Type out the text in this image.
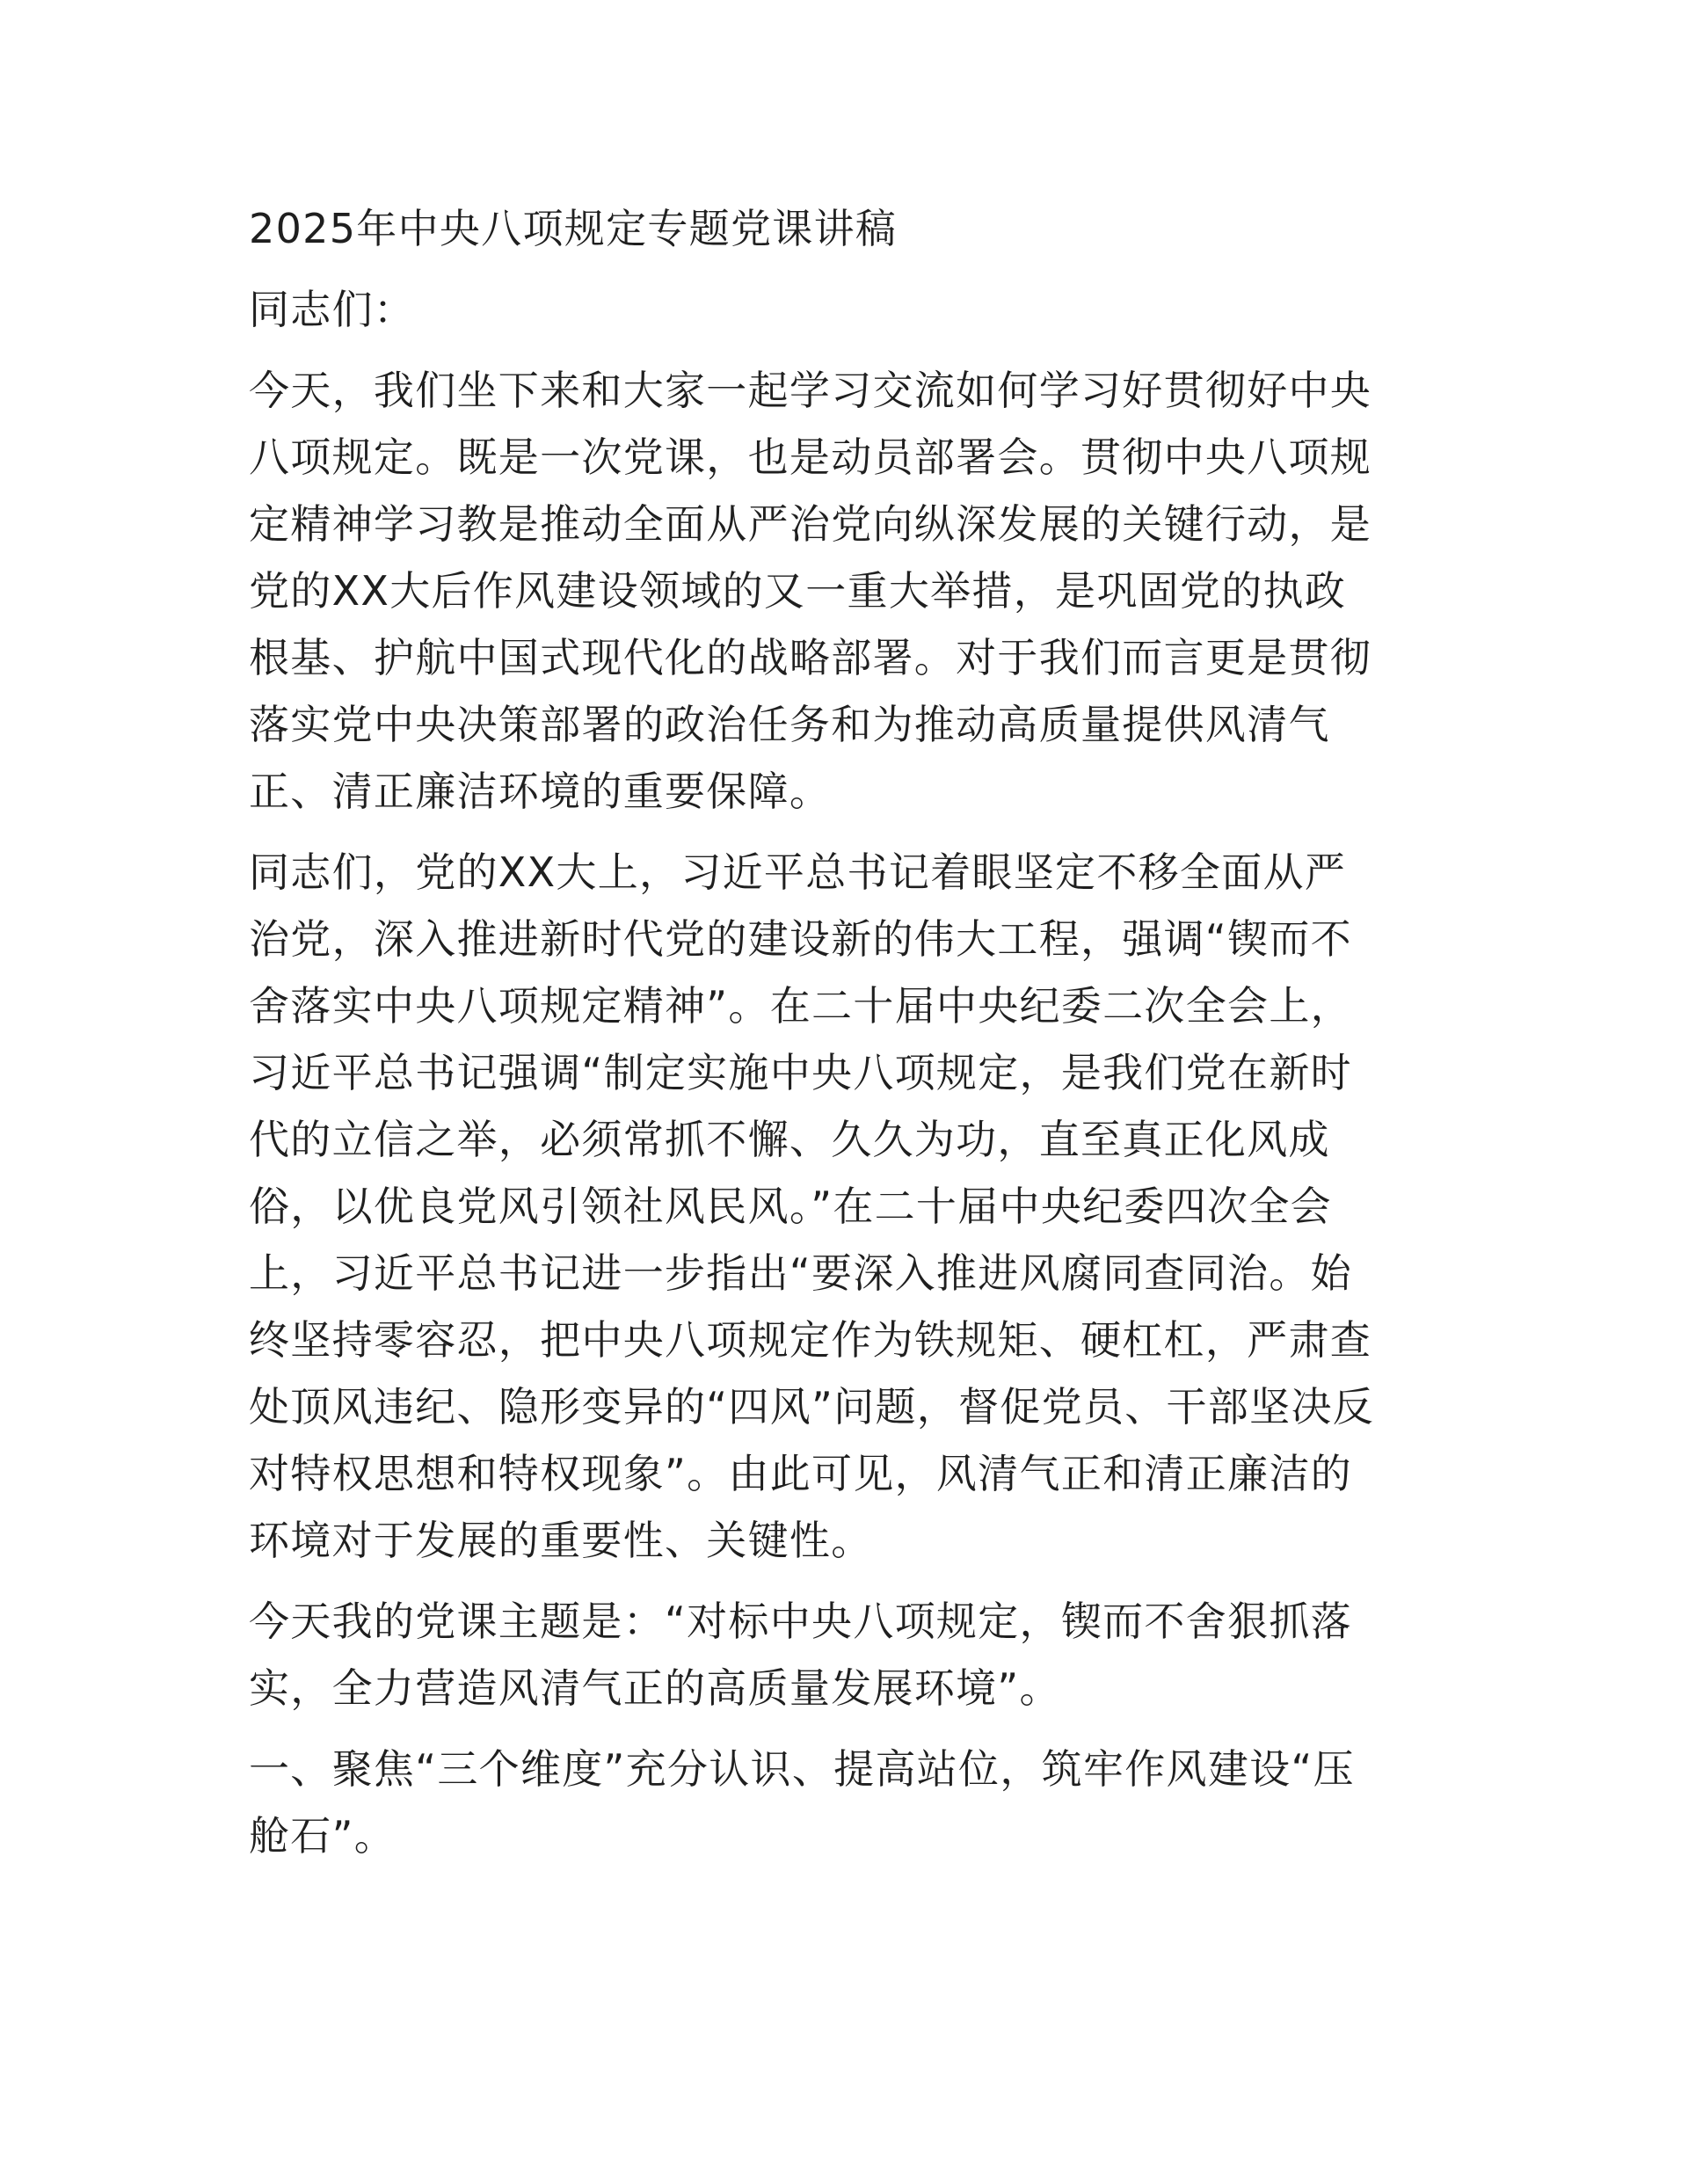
2025年中央八项规定专题党课讲稿
同志们：
今天，我们坐下来和大家一起学习交流如何学习好贯彻好中央
八项规定。既是一次党课，也是动员部署会。贯彻中央八项规
定精神学习教是推动全面从严治党向纵深发展的关键行动，是
党的XX大后作风建设领域的又一重大举措，是巩固党的执政
根基、护航中国式现代化的战略部署。对于我们而言更是贯彻
落实党中央决策部署的政治任务和为推动高质量提供风清气
正、清正廉洁环境的重要保障。
同志们，党的XX大上，习近平总书记着眼坚定不移全面从严
治党，深入推进新时代党的建设新的伟大工程，强调“锲而不
舍落实中央八项规定精神”。在二十届中央纪委二次全会上，
习近平总书记强调“制定实施中央八项规定，是我们党在新时
代的立信之举，必须常抓不懈、久久为功，直至真正化风成
俗，以优良党风引领社风民风。”在二十届中央纪委四次全会
上，习近平总书记进一步指出“要深入推进风腐同查同治。始
终坚持零容忍，把中央八项规定作为铁规矩、硬杠杠，严肃查
处顶风违纪、隐形变异的“四风”问题，督促党员、干部坚决反
对特权思想和特权现象”。由此可见，风清气正和清正廉洁的
环境对于发展的重要性、关键性。
今天我的党课主题是：“对标中央八项规定，锲而不舍狠抓落
实，全力营造风清气正的高质量发展环境”。
一、聚焦“三个维度”充分认识、提高站位，筑牢作风建设“压
舱石”。
